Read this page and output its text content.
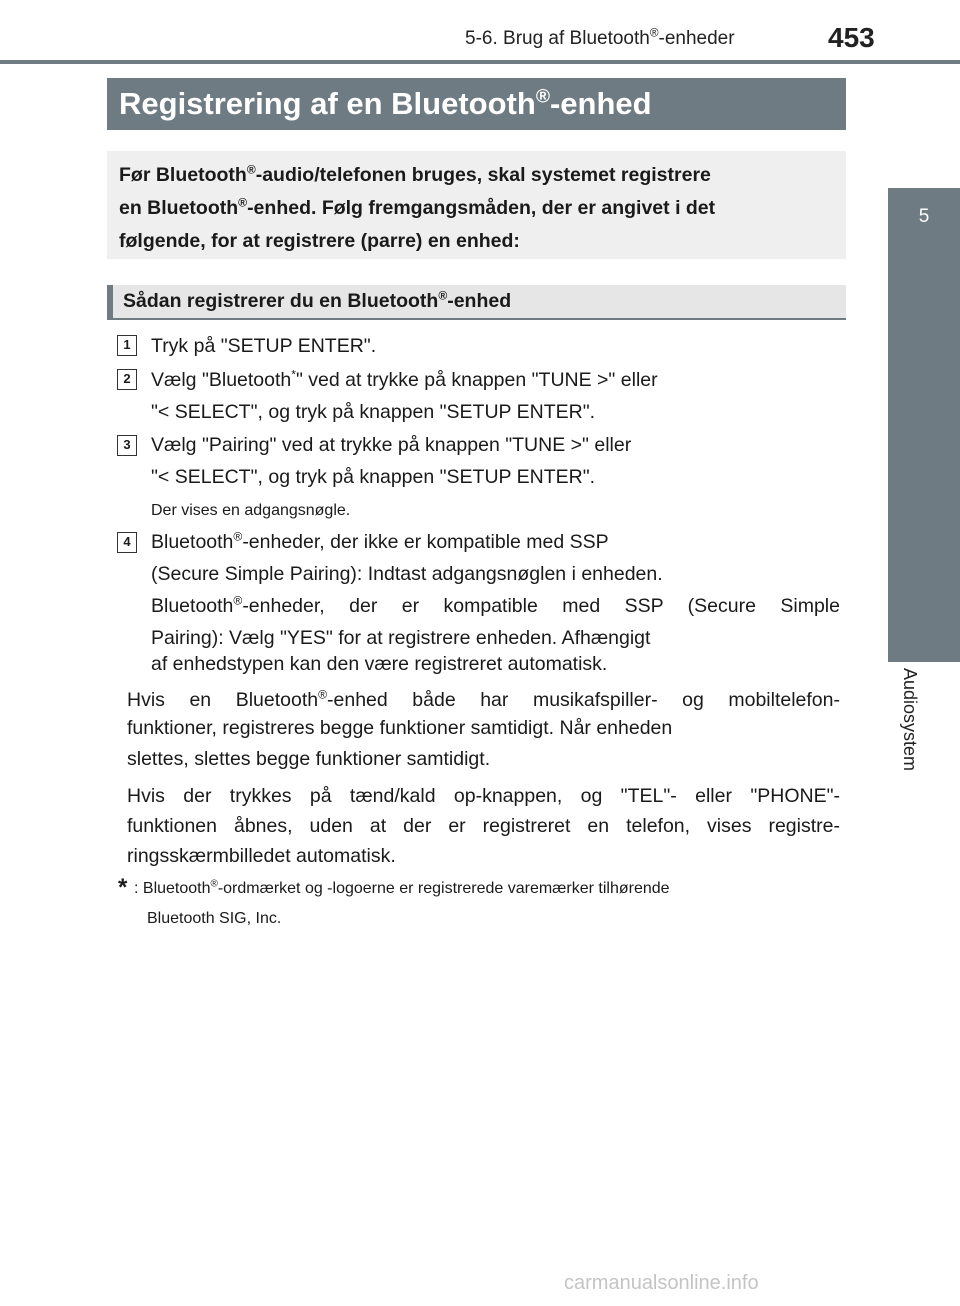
5-6. Brug af Bluetooth®-enheder	453
5
Audiosystem
Registrering af en Bluetooth®-enhed
Før Bluetooth®-audio/telefonen bruges, skal systemet registrere
en Bluetooth®-enhed. Følg fremgangsmåden, der er angivet i det
følgende, for at registrere (parre) en enhed:
Sådan registrerer du en Bluetooth®-enhed
1	Tryk på "SETUP ENTER".
2	Vælg "Bluetooth*" ved at trykke på knappen "TUNE >" eller
"< SELECT", og tryk på knappen "SETUP ENTER".
3	Vælg "Pairing" ved at trykke på knappen "TUNE >" eller
"< SELECT", og tryk på knappen "SETUP ENTER".
Der vises en adgangsnøgle.
4	Bluetooth®-enheder, der ikke er kompatible med SSP
(Secure Simple Pairing): Indtast adgangsnøglen i enheden.
Bluetooth®-enheder, der er kompatible med SSP (Secure Simple
Pairing): Vælg "YES" for at registrere enheden. Afhængigt
af enhedstypen kan den være registreret automatisk.
Hvis en Bluetooth®-enhed både har musikafspiller- og mobiltelefon-
funktioner, registreres begge funktioner samtidigt. Når enheden
slettes, slettes begge funktioner samtidigt.
Hvis der trykkes på tænd/kald op-knappen, og "TEL"- eller "PHONE"-
funktionen åbnes, uden at der er registreret en telefon, vises registre-
ringsskærmbilledet automatisk.
* : Bluetooth®-ordmærket og -logoerne er registrerede varemærker tilhørende
Bluetooth SIG, Inc.
carmanualsonline.info
